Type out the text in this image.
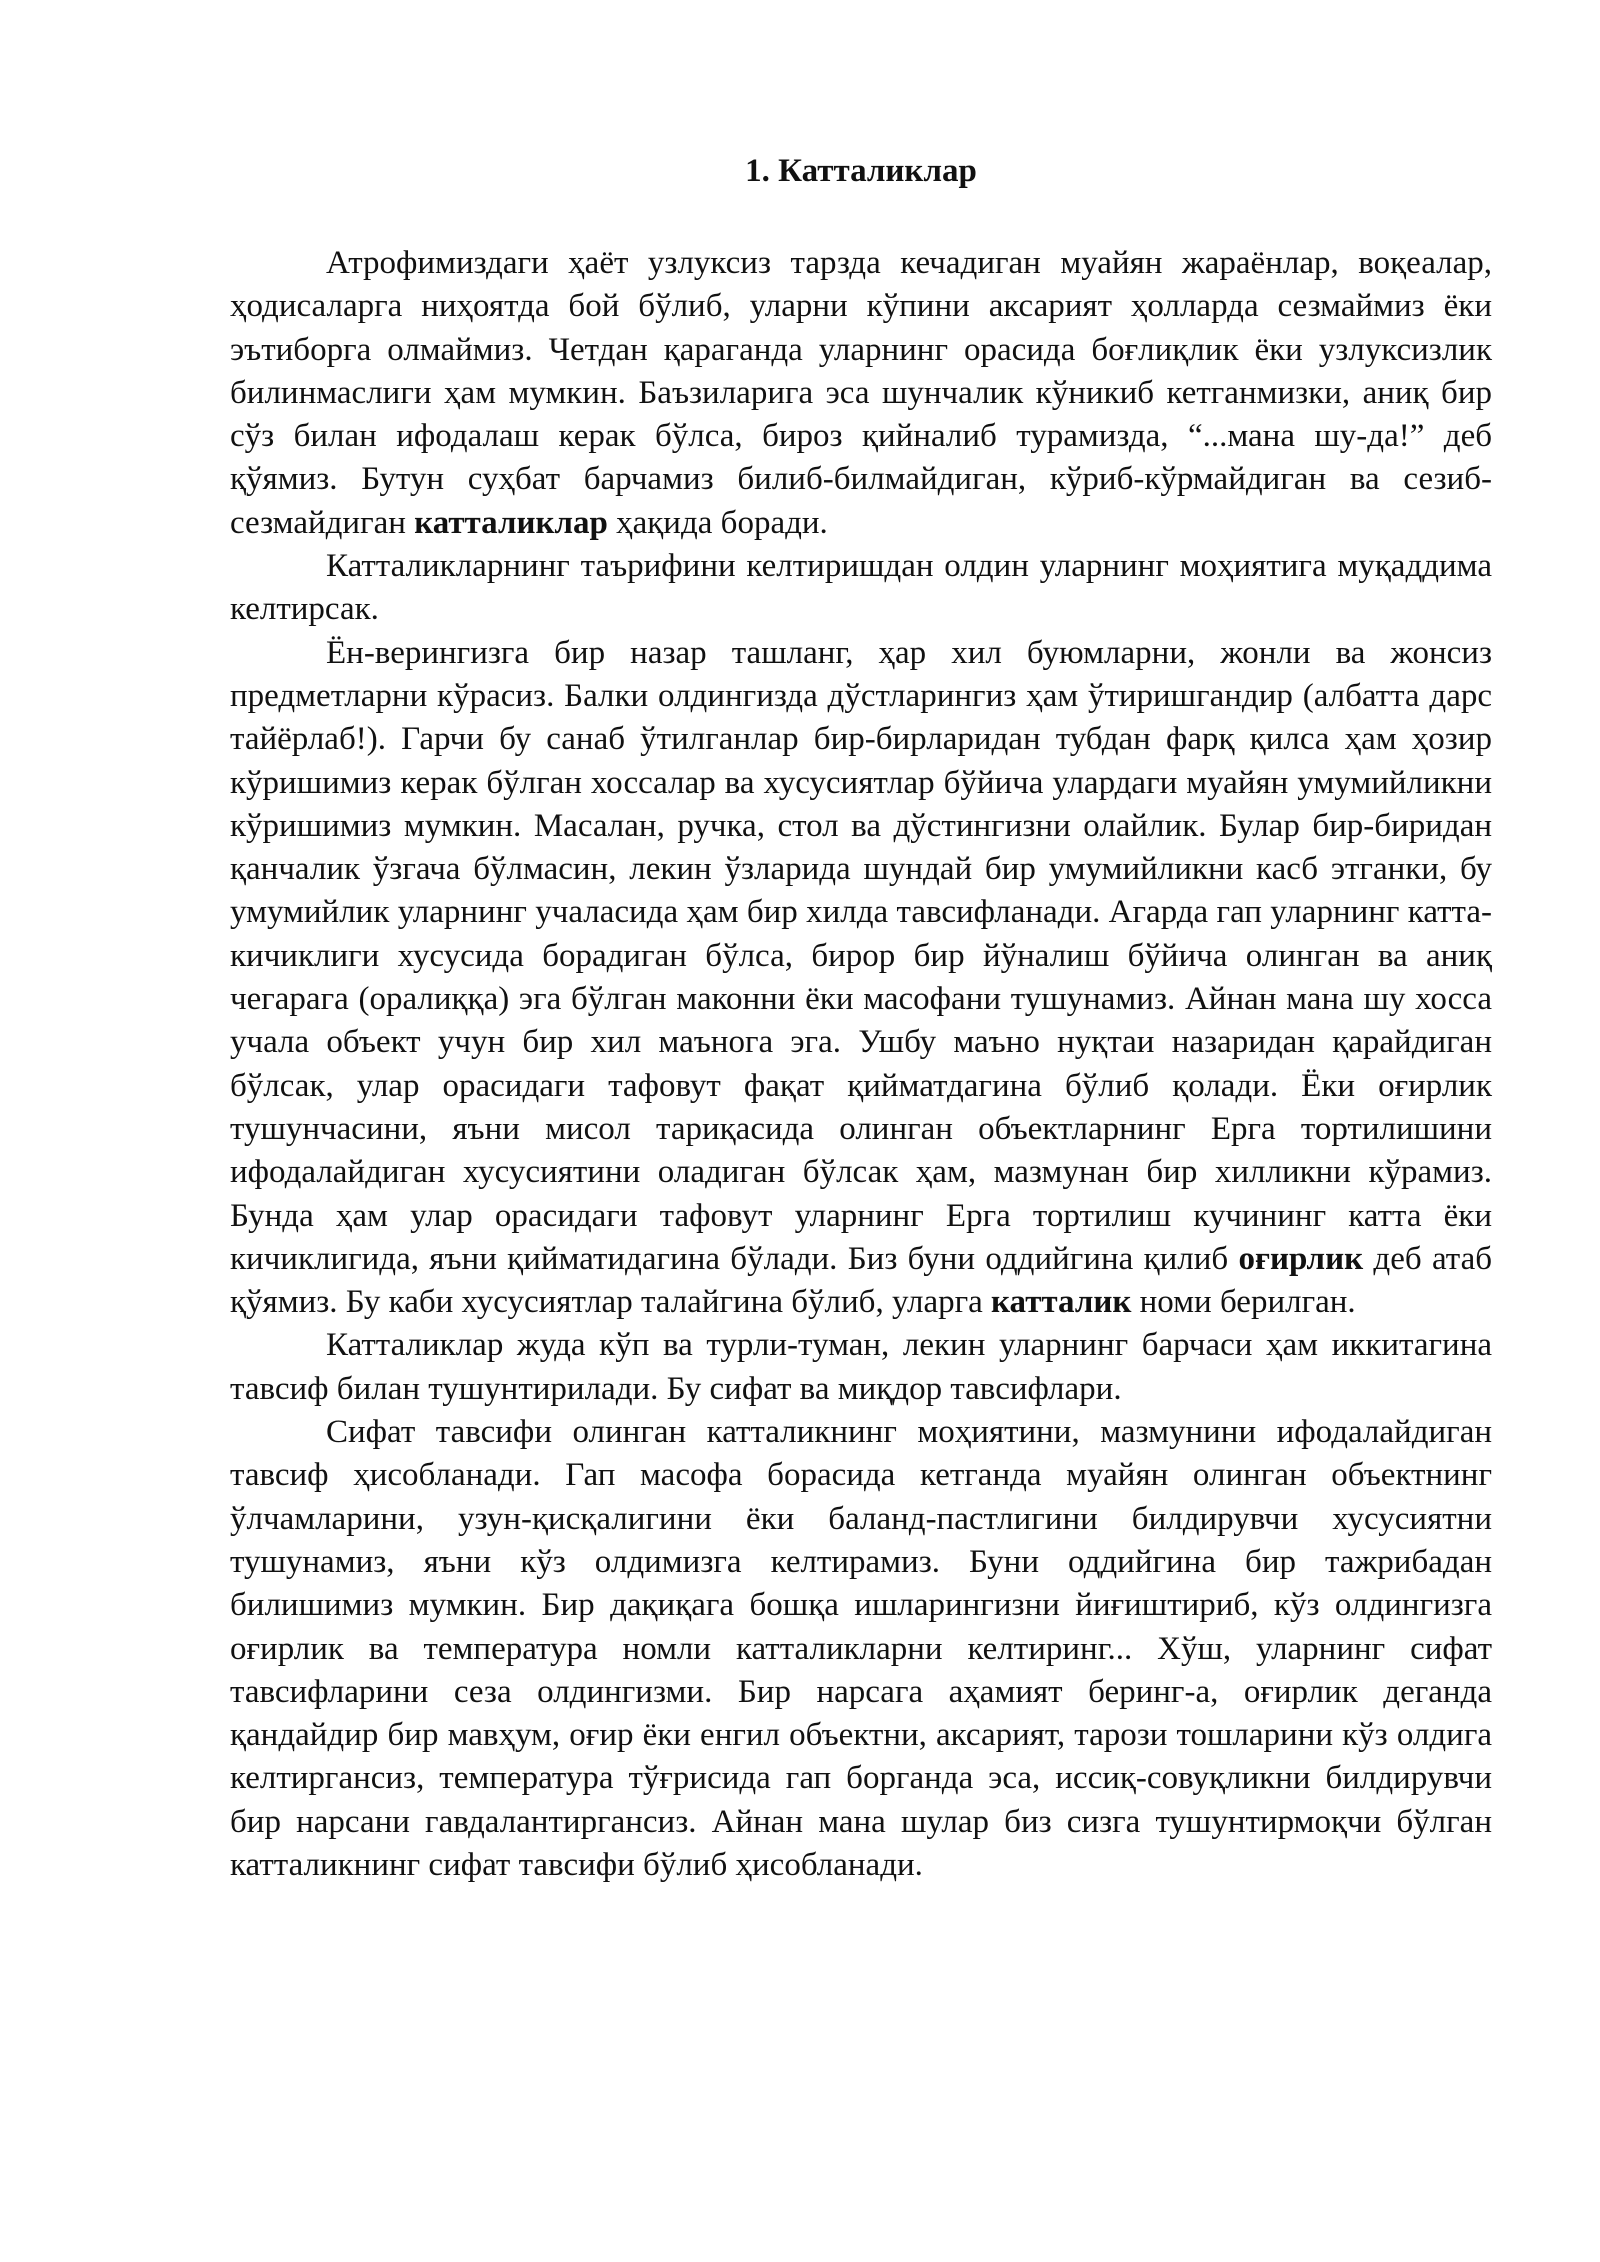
1. Катталиклар

Атрофимиздаги ҳаёт узлуксиз тарзда кечадиган муайян жараёнлар, воқеалар, ҳодисаларга ниҳоятда бой бўлиб, уларни кўпини аксарият ҳолларда сезмаймиз ёки эътиборга олмаймиз. Четдан қараганда уларнинг орасида боғлиқлик ёки узлуксизлик билинмаслиги ҳам мумкин. Баъзиларига эса шунчалик кўникиб кетганмизки, аниқ бир сўз билан ифодалаш керак бўлса, бироз қийналиб турамизда, “...мана шу-да!” деб қўямиз. Бутун суҳбат барчамиз билиб-билмайдиган, кўриб-кўрмайдиган ва сезиб-сезмайдиган катталиклар ҳақида боради.

Катталикларнинг таърифини келтиришдан олдин уларнинг моҳиятига муқаддима келтирсак.

Ён-верингизга бир назар ташланг, ҳар хил буюмларни, жонли ва жонсиз предметларни кўрасиз. Балки олдингизда дўстларингиз ҳам ўтиришгандир (албатта дарс тайёрлаб!). Гарчи бу санаб ўтилганлар бир-бирларидан тубдан фарқ қилса ҳам ҳозир кўришимиз керак бўлган хоссалар ва хусусиятлар бўйича улардаги муайян умумийликни кўришимиз мумкин. Масалан, ручка, стол ва дўстингизни олайлик. Булар бир-биридан қанчалик ўзгача бўлмасин, лекин ўзларида шундай бир умумийликни касб этганки, бу умумийлик уларнинг учаласида ҳам бир хилда тавсифланади. Агарда гап уларнинг катта-кичиклиги хусусида борадиган бўлса, бирор бир йўналиш бўйича олинган ва аниқ чегарага (оралиққа) эга бўлган маконни ёки масофани тушунамиз. Айнан мана шу хосса учала объект учун бир хил маънога эга. Ушбу маъно нуқтаи назаридан қарайдиган бўлсак, улар орасидаги тафовут фақат қийматдагина бўлиб қолади. Ёки оғирлик тушунчасини, яъни мисол тариқасида олинган объектларнинг Ерга тортилишини ифодалайдиган хусусиятини оладиган бўлсак ҳам, мазмунан бир хилликни кўрамиз. Бунда ҳам улар орасидаги тафовут уларнинг Ерга тортилиш кучининг катта ёки кичиклигида, яъни қийматидагина бўлади. Биз буни оддийгина қилиб оғирлик деб атаб қўямиз. Бу каби хусусиятлар талайгина бўлиб, уларга катталик номи берилган.

Катталиклар жуда кўп ва турли-туман, лекин уларнинг барчаси ҳам иккитагина тавсиф билан тушунтирилади. Бу сифат ва миқдор тавсифлари.

Сифат тавсифи олинган катталикнинг моҳиятини, мазмунини ифодалайдиган тавсиф ҳисобланади. Гап масофа борасида кетганда муайян олинган объектнинг ўлчамларини, узун-қисқалигини ёки баланд-пастлигини билдирувчи хусусиятни тушунамиз, яъни кўз олдимизга келтирамиз. Буни оддийгина бир тажрибадан билишимиз мумкин. Бир дақиқага бошқа ишларингизни йиғиштириб, кўз олдингизга оғирлик ва температура номли катталикларни келтиринг... Хўш, уларнинг сифат тавсифларини сеза олдингизми. Бир нарсага аҳамият беринг-а, оғирлик деганда қандайдир бир мавҳум, оғир ёки енгил объектни, аксарият, тарози тошларини кўз олдига келтиргансиз, температура тўғрисида гап борганда эса, иссиқ-совуқликни билдирувчи бир нарсани гавдалантиргансиз. Айнан мана шулар биз сизга тушунтирмоқчи бўлган катталикнинг сифат тавсифи бўлиб ҳисобланади.
